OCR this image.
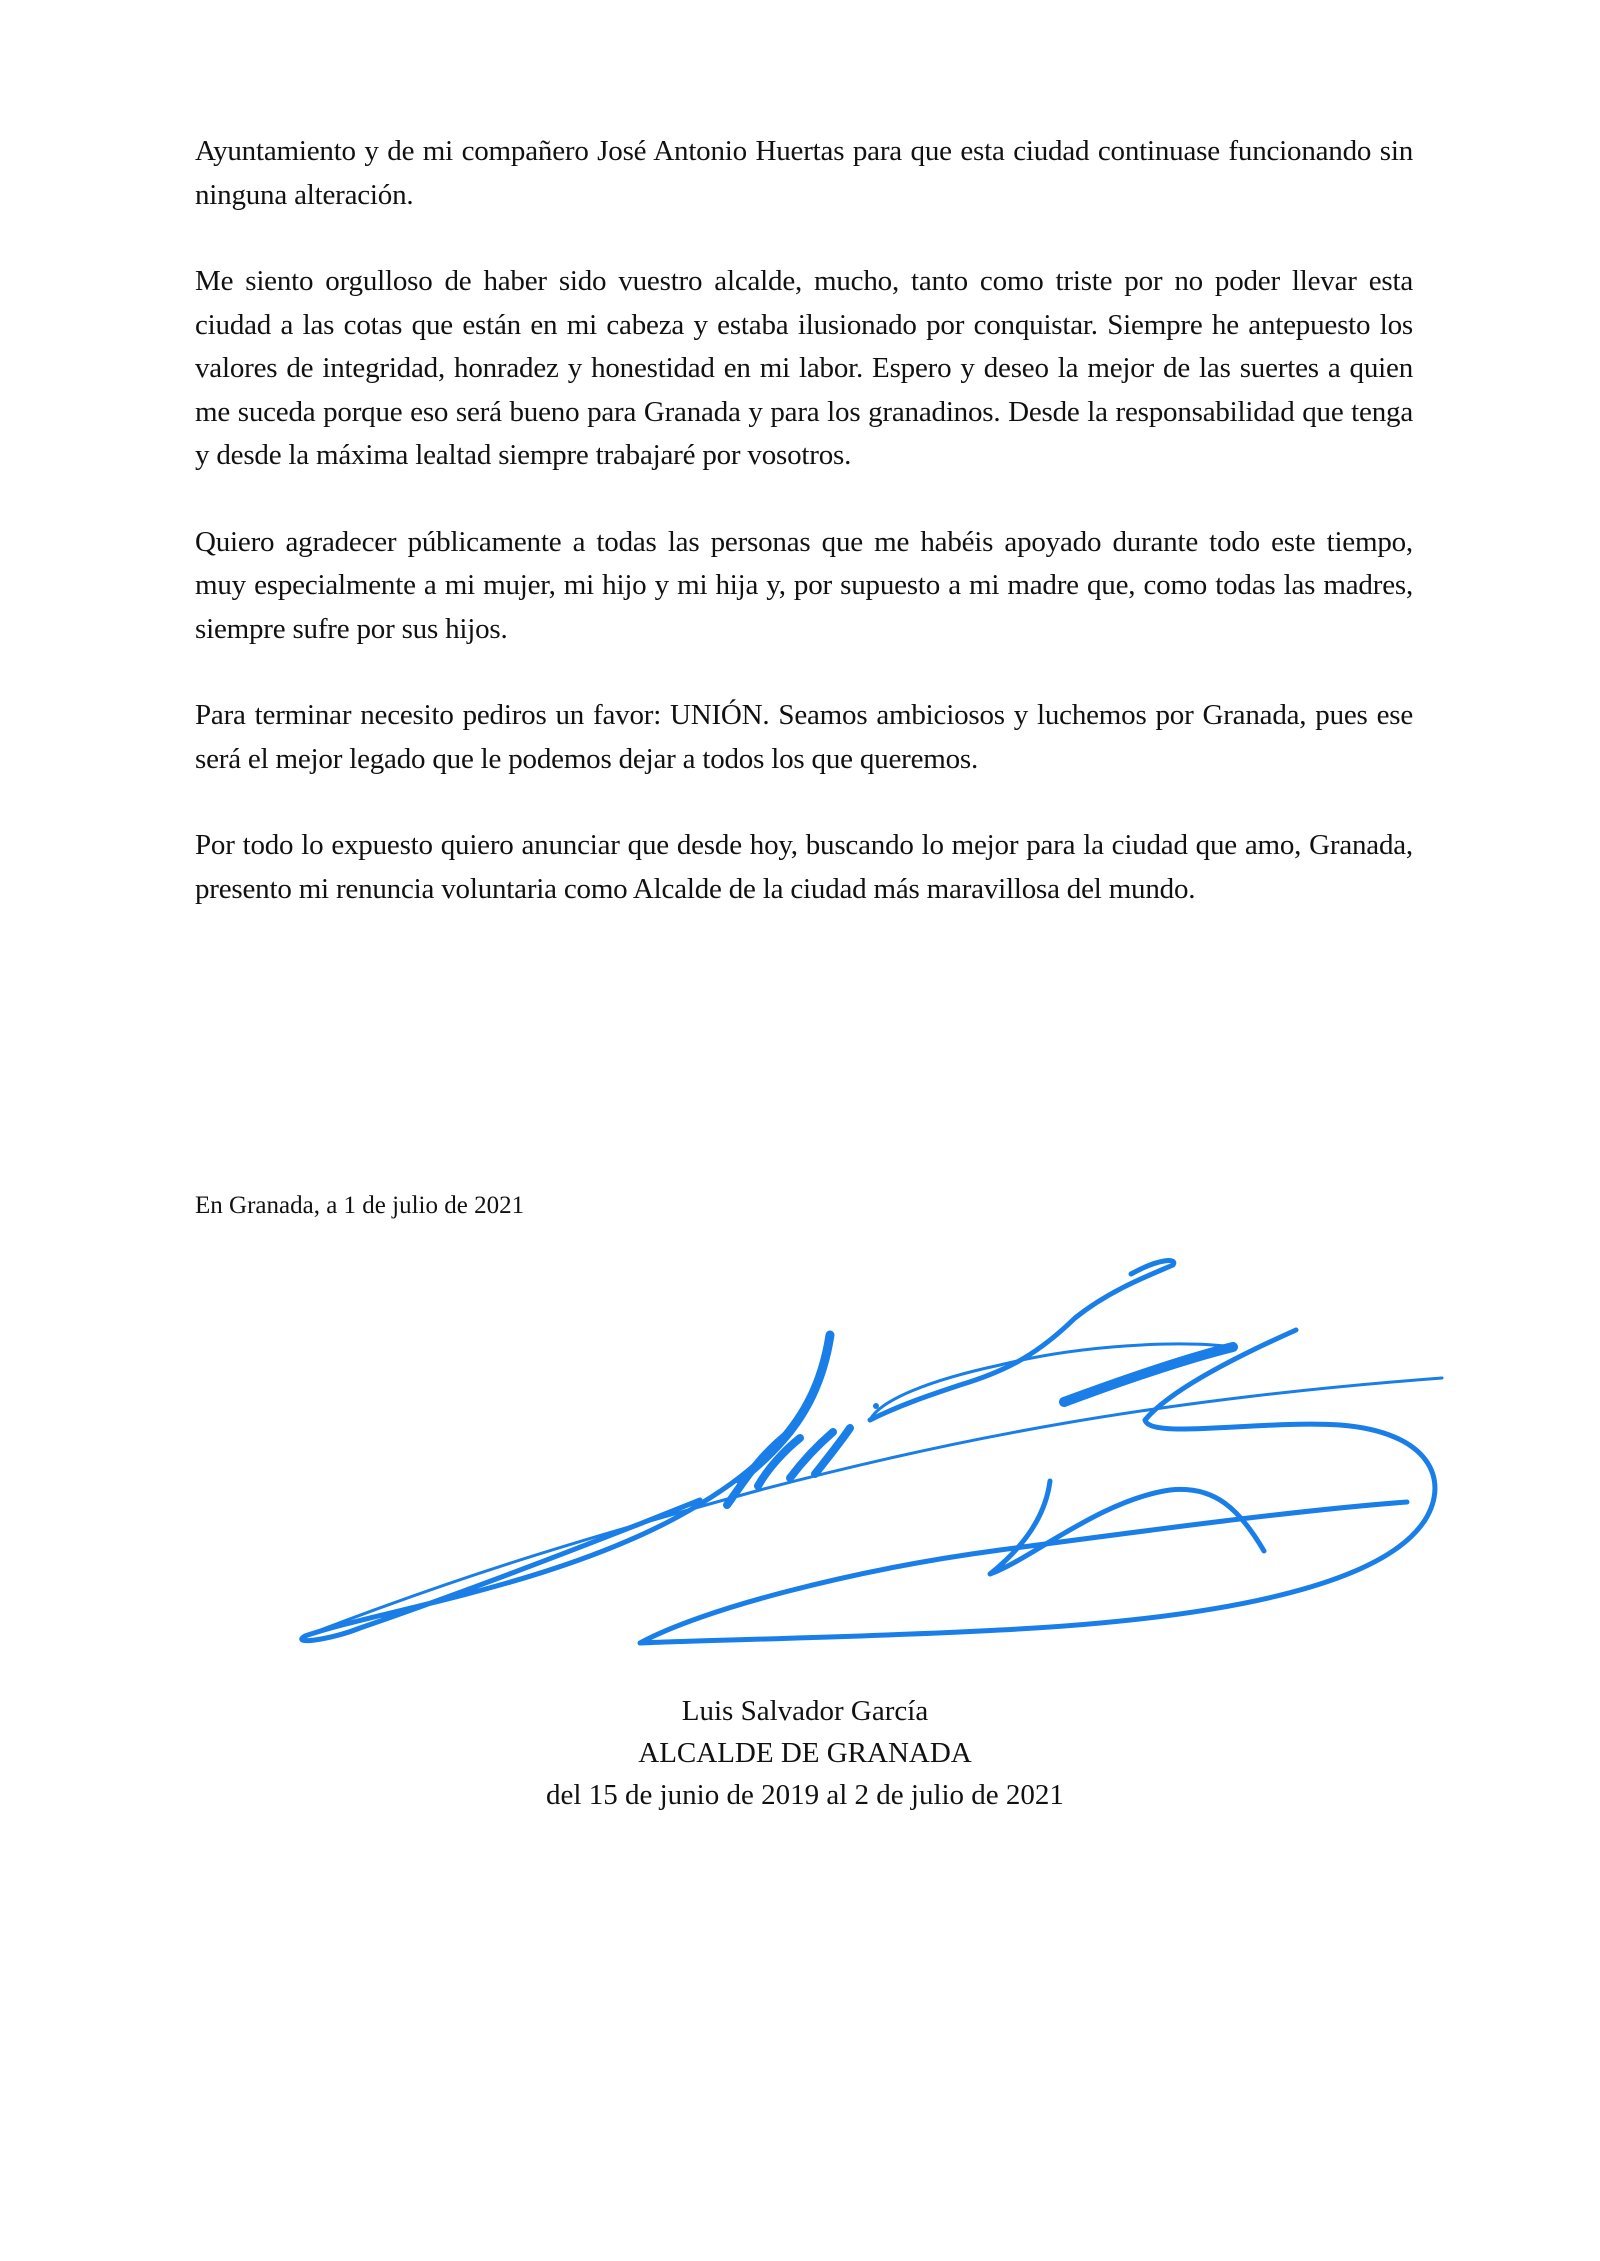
Ayuntamiento y de mi compañero José Antonio Huertas para que esta ciudad continuase funcionando sin ninguna alteración.

Me siento orgulloso de haber sido vuestro alcalde, mucho, tanto como triste por no poder llevar esta ciudad a las cotas que están en mi cabeza y estaba ilusionado por conquistar. Siempre he antepuesto los valores de integridad, honradez y honestidad en mi labor. Espero y deseo la mejor de las suertes a quien me suceda porque eso será bueno para Granada y para los granadinos. Desde la responsabilidad que tenga y desde la máxima lealtad siempre trabajaré por vosotros.

Quiero agradecer públicamente a todas las personas que me habéis apoyado durante todo este tiempo, muy especialmente a mi mujer, mi hijo y mi hija y, por supuesto a mi madre que, como todas las madres, siempre sufre por sus hijos.

Para terminar necesito pediros un favor: UNIÓN. Seamos ambiciosos y luchemos por Granada, pues ese será el mejor legado que le podemos dejar a todos los que queremos.

Por todo lo expuesto quiero anunciar que desde hoy, buscando lo mejor para la ciudad que amo, Granada, presento mi renuncia voluntaria como Alcalde de la ciudad más maravillosa del mundo.

En Granada, a 1 de julio de 2021
Luis Salvador García
ALCALDE DE GRANADA
del 15 de junio de 2019 al 2 de julio de 2021
